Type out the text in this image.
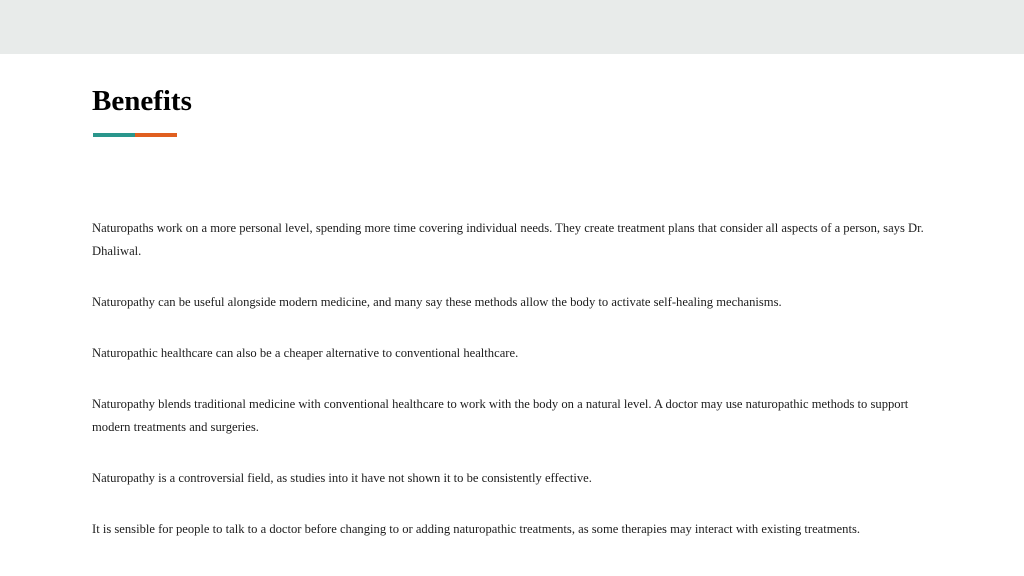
Benefits

Naturopaths work on a more personal level, spending more time covering individual needs. They create treatment plans that consider all aspects of a person, says Dr. Dhaliwal.

Naturopathy can be useful alongside modern medicine, and many say these methods allow the body to activate self-healing mechanisms.

Naturopathic healthcare can also be a cheaper alternative to conventional healthcare.

Naturopathy blends traditional medicine with conventional healthcare to work with the body on a natural level. A doctor may use naturopathic methods to support modern treatments and surgeries.

Naturopathy is a controversial field, as studies into it have not shown it to be consistently effective.

It is sensible for people to talk to a doctor before changing to or adding naturopathic treatments, as some therapies may interact with existing treatments.
